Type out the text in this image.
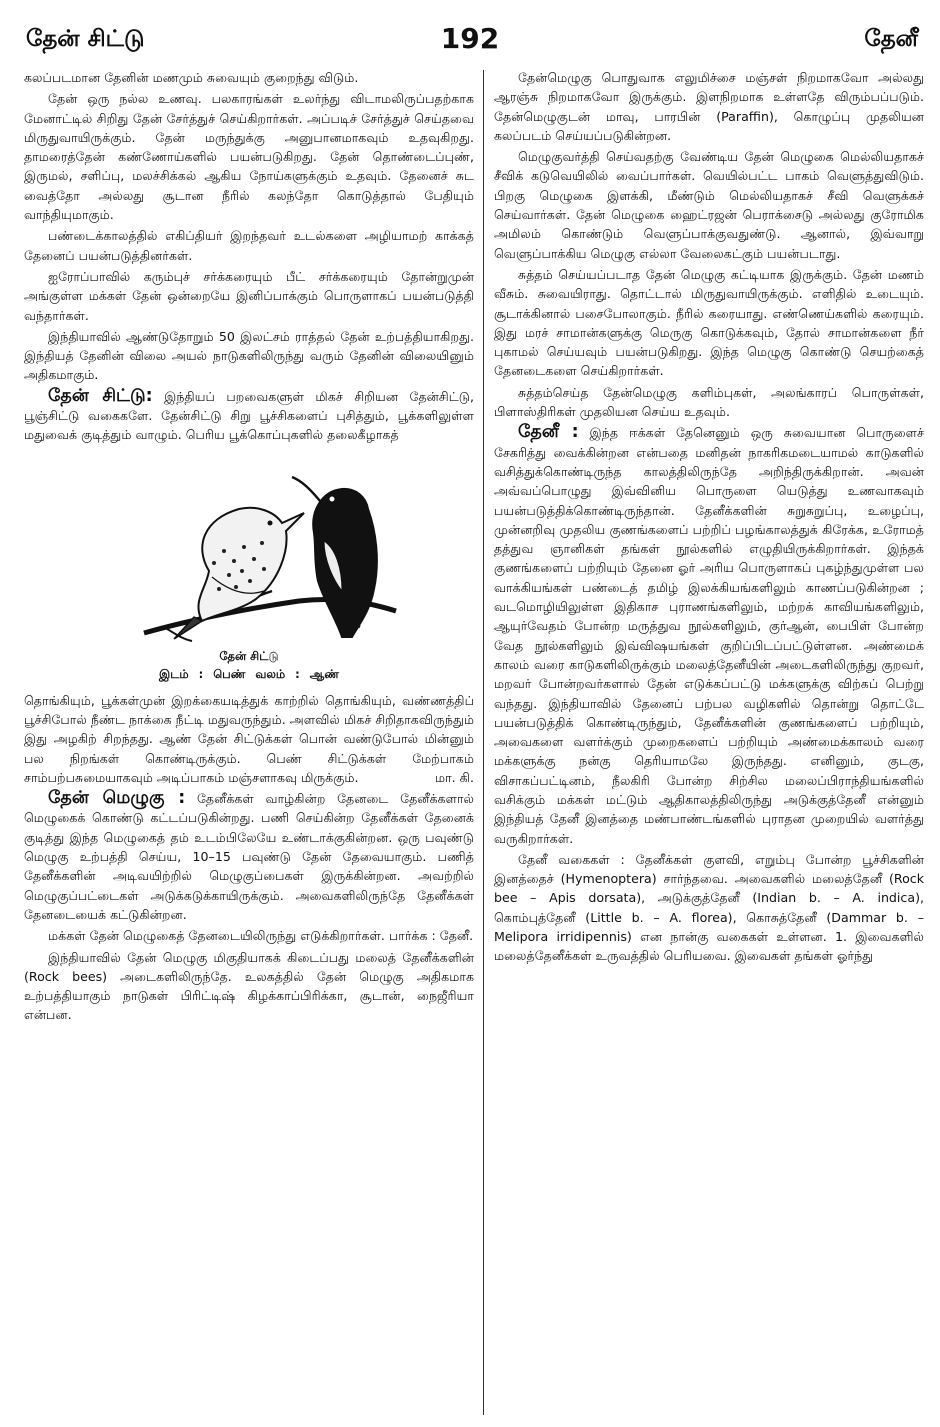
தேன் சிட்டு	192	தேனீ

கலப்படமான தேனின் மணமும் சுவையும் குறைந்து விடும்.

தேன் ஒரு நல்ல உணவு. பலகாரங்கள் உலர்ந்து விடாமலிருப்பதற்காக மேனாட்டில் சிறிது தேன் சேர்த்துச் செய்கிறார்கள். அப்படிச் சேர்த்துச் செய்தவை மிருதுவாயிருக்கும். தேன் மருந்துக்கு அனுபானமாகவும் உதவுகிறது. தாமரைத்தேன் கண்ணோய்களில் பயன்படுகிறது. தேன் தொண்டைப்புண், இருமல், சளிப்பு, மலச்சிக்கல் ஆகிய நோய்களுக்கும் உதவும். தேனைச் சுட வைத்தோ அல்லது சூடான நீரில் கலந்தோ கொடுத்தால் பேதியும் வாந்தியுமாகும்.

பண்டைக்காலத்தில் எகிப்தியர் இறந்தவர் உடல்களை அழியாமற் காக்கத் தேனைப் பயன்படுத்தினர்கள்.

ஐரோப்பாவில் கரும்புச் சர்க்கரையும் பீட் சர்க்கரையும் தோன்றுமுன் அங்குள்ள மக்கள் தேன் ஒன்றையே இனிப்பாக்கும் பொருளாகப் பயன்படுத்தி வந்தார்கள்.

இந்தியாவில் ஆண்டுதோறும் 50 இலட்சம் ராத்தல் தேன் உற்பத்தியாகிறது. இந்தியத் தேனின் விலை அயல் நாடுகளிலிருந்து வரும் தேனின் விலையினும் அதிகமாகும்.

தேன் சிட்டு: இந்தியப் பறவைகளுள் மிகச் சிறியன தேன்சிட்டு, பூஞ்சிட்டு வகைகளே. தேன்சிட்டு சிறு பூச்சிகளைப் புசித்தும், பூக்களிலுள்ள மதுவைக் குடித்தும் வாழும். பெரிய பூக்கொப்புகளில் தலைகீழாகத்

தேன் சிட்டு
இடம் : பெண் வலம் : ஆண்

தொங்கியும், பூக்கள்முன் இறக்கையடித்துக் காற்றில் தொங்கியும், வண்ணத்திப் பூச்சிபோல் நீண்ட நாக்கை நீட்டி மதுவருந்தும். அளவில் மிகச் சிறிதாகவிருந்தும் இது அழகிற் சிறந்தது. ஆண் தேன் சிட்டுக்கள் பொன் வண்டுபோல் மின்னும் பல நிறங்கள் கொண்டிருக்கும். பெண் சிட்டுக்கள் மேற்பாகம் சாம்பற்பசுமையாகவும் அடிப்பாகம் மஞ்சளாகவு மிருக்கும்.	மா. கி.

தேன் மெழுகு : தேனீக்கள் வாழ்கின்ற தேனடை தேனீக்களால் மெழுகைக் கொண்டு கட்டப்படுகின்றது. பணி செய்கின்ற தேனீக்கள் தேனைக் குடித்து இந்த மெழுகைத் தம் உடம்பிலேயே உண்டாக்குகின்றன. ஒரு பவுண்டு மெழுகு உற்பத்தி செய்ய, 10–15 பவுண்டு தேன் தேவையாகும். பணித் தேனீக்களின் அடிவயிற்றில் மெழுகுப்பைகள் இருக்கின்றன. அவற்றில் மெழுகுப்பட்டைகள் அடுக்கடுக்காயிருக்கும். அவைகளிலிருந்தே தேனீக்கள் தேனடையைக் கட்டுகின்றன.

மக்கள் தேன் மெழுகைத் தேனடையிலிருந்து எடுக்கிறார்கள். பார்க்க : தேனீ.

இந்தியாவில் தேன் மெழுகு மிகுதியாகக் கிடைப்பது மலைத் தேனீக்களின் (Rock bees) அடைகளிலிருந்தே. உலகத்தில் தேன் மெழுகு அதிகமாக உற்பத்தியாகும் நாடுகள் பிரிட்டிஷ் கிழக்காப்பிரிக்கா, சூடான், நைஜீரியா என்பன.

தேன்மெழுகு பொதுவாக எலுமிச்சை மஞ்சள் நிறமாகவோ அல்லது ஆரஞ்சு நிறமாகவோ இருக்கும். இளநிறமாக உள்ளதே விரும்பப்படும். தேன்மெழுகுடன் மாவு, பாரபின் (Paraffin), கொழுப்பு முதலியன கலப்படம் செய்யப்படுகின்றன.

மெழுகுவர்த்தி செய்வதற்கு வேண்டிய தேன் மெழுகை மெல்லியதாகச் சீவிக் கடுவெயிலில் வைப்பார்கள். வெயில்பட்ட பாகம் வெளுத்துவிடும். பிறகு மெழுகை இளக்கி, மீண்டும் மெல்லியதாகச் சீவி வெளுக்கச் செய்வார்கள். தேன் மெழுகை ஹைட்ரஜன் பெராக்சைடு அல்லது குரோமிக அமிலம் கொண்டும் வெளுப்பாக்குவதுண்டு. ஆனால், இவ்வாறு வெளுப்பாக்கிய மெழுகு எல்லா வேலைகட்கும் பயன்படாது.

சுத்தம் செய்யப்படாத தேன் மெழுகு கட்டியாக இருக்கும். தேன் மணம் வீசும். சுவையிராது. தொட்டால் மிருதுவாயிருக்கும். எளிதில் உடையும். சூடாக்கினால் பசைபோலாகும். நீரில் கரையாது. எண்ணெய்களில் கரையும். இது மரச் சாமான்களுக்கு மெருகு கொடுக்கவும், தோல் சாமான்களை நீர் புகாமல் செய்யவும் பயன்படுகிறது. இந்த மெழுகு கொண்டு செயற்கைத் தேனடைகளை செய்கிறார்கள்.

சுத்தம்செய்த தேன்மெழுகு களிம்புகள், அலங்காரப் பொருள்கள், பிளாஸ்திரிகள் முதலியன செய்ய உதவும்.

தேனீ : இந்த ஈக்கள் தேனெனும் ஒரு சுவையான பொருளைச் சேகரித்து வைக்கின்றன என்பதை மனிதன் நாகரிகமடையாமல் காடுகளில் வசித்துக்கொண்டிருந்த காலத்திலிருந்தே அறிந்திருக்கிறான். அவன் அவ்வப்பொழுது இவ்வினிய பொருளை யெடுத்து உணவாகவும் பயன்படுத்திக்கொண்டிருந்தான். தேனீக்களின் சுறுசுறுப்பு, உழைப்பு, முன்னறிவு முதலிய குணங்களைப் பற்றிப் பழங்காலத்துக் கிரேக்க, உரோமத் தத்துவ ஞானிகள் தங்கள் நூல்களில் எழுதியிருக்கிறார்கள். இந்தக் குணங்களைப் பற்றியும் தேனை ஓர் அரிய பொருளாகப் புகழ்ந்துமுள்ள பல வாக்கியங்கள் பண்டைத் தமிழ் இலக்கியங்களிலும் காணப்படுகின்றன ; வடமொழியிலுள்ள இதிகாச புராணங்களிலும், மற்றக் காவியங்களிலும், ஆயுர்வேதம் போன்ற மருத்துவ நூல்களிலும், குர்ஆன், பைபிள் போன்ற வேத நூல்களிலும் இவ்விஷயங்கள் குறிப்பிடப்பட்டுள்ளன. அண்மைக் காலம் வரை காடுகளிலிருக்கும் மலைத்தேனீயின் அடைகளிலிருந்து குறவர், மறவர் போன்றவர்களால் தேன் எடுக்கப்பட்டு மக்களுக்கு விற்கப் பெற்று வந்தது. இந்தியாவில் தேனைப் பற்பல வழிகளில் தொன்று தொட்டே பயன்படுத்திக் கொண்டிருந்தும், தேனீக்களின் குணங்களைப் பற்றியும், அவைகளை வளர்க்கும் முறைகளைப் பற்றியும் அண்மைக்காலம் வரை மக்களுக்கு நன்கு தெரியாமலே இருந்தது. எனினும், குடகு, விசாகப்பட்டினம், நீலகிரி போன்ற சிற்சில மலைப்பிராந்தியங்களில் வசிக்கும் மக்கள் மட்டும் ஆதிகாலத்திலிருந்து அடுக்குத்தேனீ என்னும் இந்தியத் தேனீ இனத்தை மண்பாண்டங்களில் புராதன முறையில் வளர்த்து வருகிறார்கள்.

தேனீ வகைகள் : தேனீக்கள் குளவி, எறும்பு போன்ற பூச்சிகளின் இனத்தைச் (Hymenoptera) சார்ந்தவை. அவைகளில் மலைத்தேனீ (Rock bee – Apis dorsata), அடுக்குத்தேனீ (Indian b. – A. indica), கொம்புத்தேனீ (Little b. – A. florea), கொசுத்தேனீ (Dammar b. – Melipora irridipennis) என நான்கு வகைகள் உள்ளன. 1. இவைகளில் மலைத்தேனீக்கள் உருவத்தில் பெரியவை. இவைகள் தங்கள் ஓர்ந்து
